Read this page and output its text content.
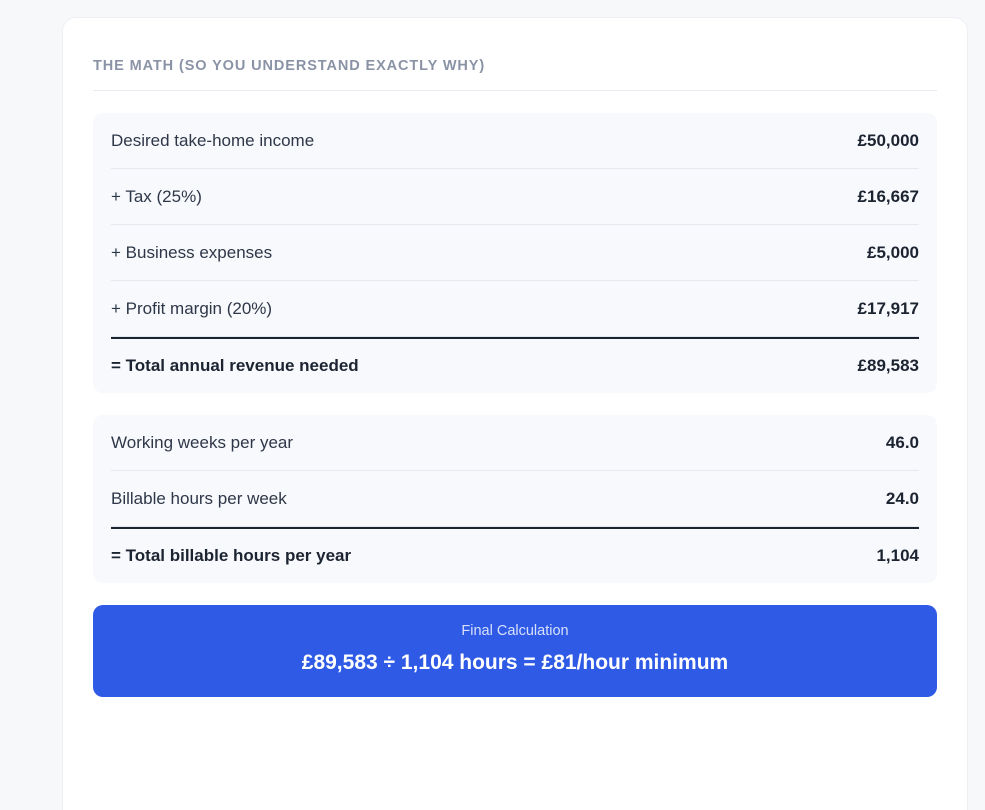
THE MATH (SO YOU UNDERSTAND EXACTLY WHY)
Desired take-home income	£50,000
+ Tax (25%)	£16,667
+ Business expenses	£5,000
+ Profit margin (20%)	£17,917
= Total annual revenue needed	£89,583
Working weeks per year	46.0
Billable hours per week	24.0
= Total billable hours per year	1,104
Final Calculation
£89,583 ÷ 1,104 hours = £81/hour minimum
